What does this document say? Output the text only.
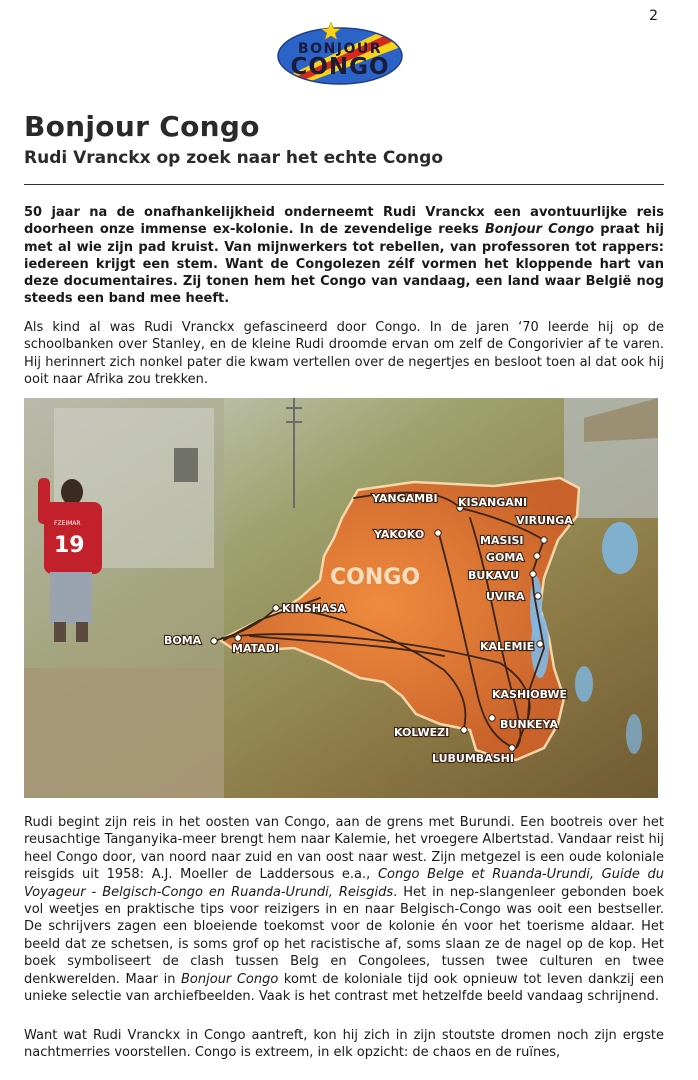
2
BONJOUR
CONGO
Bonjour Congo
Rudi Vranckx op zoek naar het echte Congo

50 jaar na de onafhankelijkheid onderneemt Rudi Vranckx een avontuurlijke reis doorheen onze immense ex-kolonie. In de zevendelige reeks Bonjour Congo praat hij met al wie zijn pad kruist. Van mijnwerkers tot rebellen, van professoren tot rappers: iedereen krijgt een stem. Want de Congolezen zélf vormen het kloppende hart van deze documentaires. Zij tonen hem het Congo van vandaag, een land waar België nog steeds een band mee heeft.

Als kind al was Rudi Vranckx gefascineerd door Congo. In de jaren ‘70 leerde hij op de schoolbanken over Stanley, en de kleine Rudi droomde ervan om zelf de Congorivier af te varen. Hij herinnert zich nonkel pater die kwam vertellen over de negertjes en besloot toen al dat ook hij ooit naar Afrika zou trekken.

YANGAMBI KISANGANI
YAKOKO
VIRUNGA
MASISI
GOMA
BUKAVU
UVIRA
KINSHASA
BOMA
MATADI	KALEMIE
KASHIOBWE
BUNKEYA
KOLWEZI
LUBUMBASHI
CONGO
FZEIMAR
19

Rudi begint zijn reis in het oosten van Congo, aan de grens met Burundi. Een bootreis over het reusachtige Tanganyika-meer brengt hem naar Kalemie, het vroegere Albertstad. Vandaar reist hij heel Congo door, van noord naar zuid en van oost naar west. Zijn metgezel is een oude koloniale reisgids uit 1958: A.J. Moeller de Laddersous e.a., Congo Belge et Ruanda-Urundi, Guide du Voyageur - Belgisch-Congo en Ruanda-Urundi, Reisgids. Het in nep-slangenleer gebonden boek vol weetjes en praktische tips voor reizigers in en naar Belgisch-Congo was ooit een bestseller. De schrijvers zagen een bloeiende toekomst voor de kolonie én voor het toerisme aldaar. Het beeld dat ze schetsen, is soms grof op het racistische af, soms slaan ze de nagel op de kop. Het boek symboliseert de clash tussen Belg en Congolees, tussen twee culturen en twee denkwerelden. Maar in Bonjour Congo komt de koloniale tijd ook opnieuw tot leven dankzij een unieke selectie van archiefbeelden. Vaak is het contrast met hetzelfde beeld vandaag schrijnend.

Want wat Rudi Vranckx in Congo aantreft, kon hij zich in zijn stoutste dromen noch zijn ergste nachtmerries voorstellen. Congo is extreem, in elk opzicht: de chaos en de ruïnes,
